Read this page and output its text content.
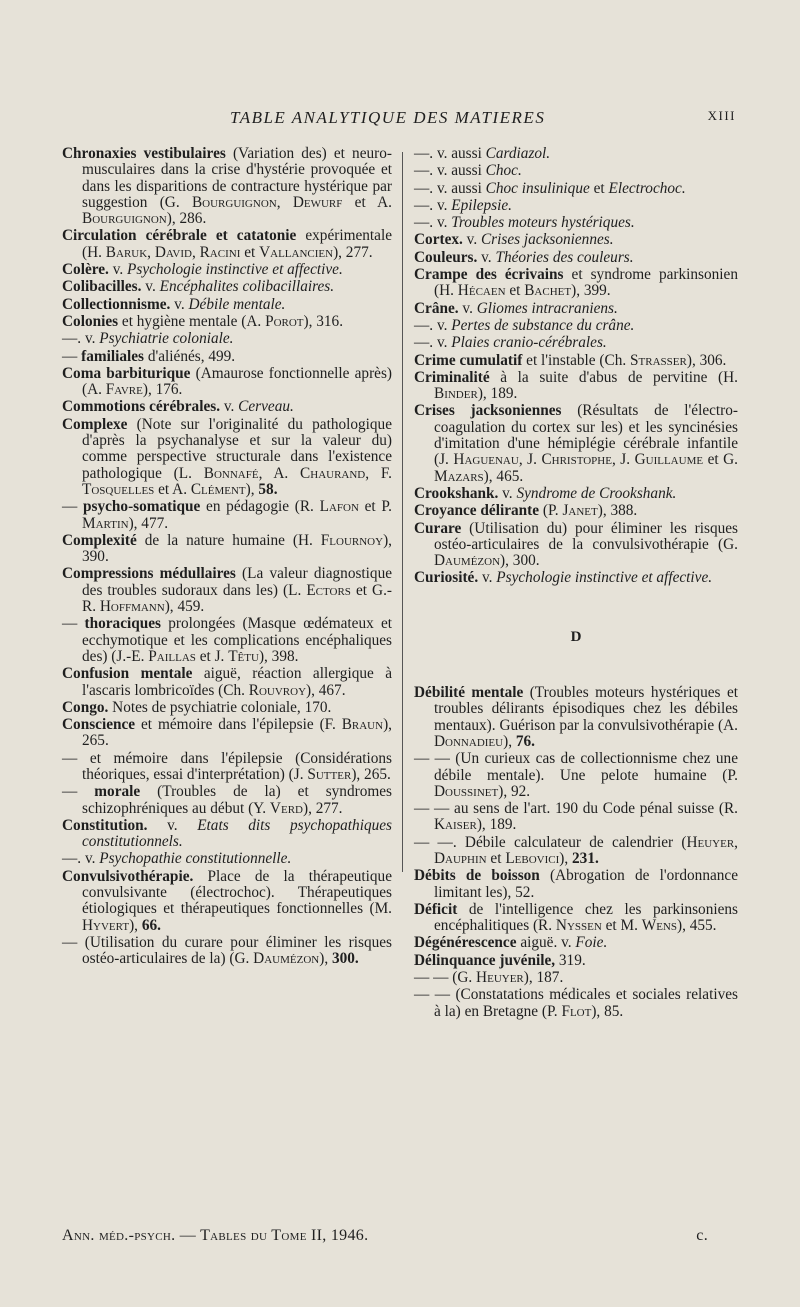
TABLE ANALYTIQUE DES MATIERES	XIII
Chronaxies vestibulaires (Variation des) et neuro-musculaires dans la crise d'hystérie provoquée et dans les disparitions de contracture hystérique par suggestion (G. Bourguignon, Dewurf et A. Bourguignon), 286.
Circulation cérébrale et catatonie expérimentale (H. Baruk, David, Racini et Vallancien), 277.
Colère. v. Psychologie instinctive et affective.
Colibacilles. v. Encéphalites colibacillaires.
Collectionnisme. v. Débile mentale.
Colonies et hygiène mentale (A. Porot), 316.
—. v. Psychiatrie coloniale.
— familiales d'aliénés, 499.
Coma barbiturique (Amaurose fonctionnelle après) (A. Favre), 176.
Commotions cérébrales. v. Cerveau.
Complexe (Note sur l'originalité du pathologique d'après la psychanalyse et sur la valeur du) comme perspective structurale dans l'existence pathologique (L. Bonnafé, A. Chaurand, F. Tosquelles et A. Clément), 58.
— psycho-somatique en pédagogie (R. Lafon et P. Martin), 477.
Complexité de la nature humaine (H. Flournoy), 390.
Compressions médullaires (La valeur diagnostique des troubles sudoraux dans les) (L. Ectors et G.-R. Hoffmann), 459.
— thoraciques prolongées (Masque œdémateux et ecchymotique et les complications encéphaliques des) (J.-E. Paillas et J. Têtu), 398.
Confusion mentale aiguë, réaction allergique à l'ascaris lombricoïdes (Ch. Rouvroy), 467.
Congo. Notes de psychiatrie coloniale, 170.
Conscience et mémoire dans l'épilepsie (F. Braun), 265.
— et mémoire dans l'épilepsie (Considérations théoriques, essai d'interprétation) (J. Sutter), 265.
— morale (Troubles de la) et syndromes schizophréniques au début (Y. Verd), 277.
Constitution. v. Etats dits psychopathiques constitutionnels.
—. v. Psychopathie constitutionnelle.
Convulsivothérapie. Place de la thérapeutique convulsivante (électrochoc). Thérapeutiques étiologiques et thérapeutiques fonctionnelles (M. Hyvert), 66.
— (Utilisation du curare pour éliminer les risques ostéo-articulaires de la) (G. Daumézon), 300.
—. v. aussi Cardiazol.
—. v. aussi Choc.
—. v. aussi Choc insulinique et Electrochoc.
—. v. Epilepsie.
—. v. Troubles moteurs hystériques.
Cortex. v. Crises jacksoniennes.
Couleurs. v. Théories des couleurs.
Crampe des écrivains et syndrome parkinsonien (H. Hécaen et Bachet), 399.
Crâne. v. Gliomes intracraniens.
—. v. Pertes de substance du crâne.
—. v. Plaies cranio-cérébrales.
Crime cumulatif et l'instable (Ch. Strasser), 306.
Criminalité à la suite d'abus de pervitine (H. Binder), 189.
Crises jacksoniennes (Résultats de l'électro-coagulation du cortex sur les) et les syncinésies d'imitation d'une hémiplégie cérébrale infantile (J. Haguenau, J. Christophe, J. Guillaume et G. Mazars), 465.
Crookshank. v. Syndrome de Crookshank.
Croyance délirante (P. Janet), 388.
Curare (Utilisation du) pour éliminer les risques ostéo-articulaires de la convulsivothérapie (G. Daumézon), 300.
Curiosité. v. Psychologie instinctive et affective.
D
Débilité mentale (Troubles moteurs hystériques et troubles délirants épisodiques chez les débiles mentaux). Guérison par la convulsivothérapie (A. Donnadieu), 76.
— — (Un curieux cas de collectionnisme chez une débile mentale). Une pelote humaine (P. Doussinet), 92.
— — au sens de l'art. 190 du Code pénal suisse (R. Kaiser), 189.
— —. Débile calculateur de calendrier (Heuyer, Dauphin et Lebovici), 231.
Débits de boisson (Abrogation de l'ordonnance limitant les), 52.
Déficit de l'intelligence chez les parkinsoniens encéphalitiques (R. Nyssen et M. Wens), 455.
Dégénérescence aiguë. v. Foie.
Délinquance juvénile, 319.
— — (G. Heuyer), 187.
— — (Constatations médicales et sociales relatives à la) en Bretagne (P. Flot), 85.
Ann. méd.-psych. — Tables du Tome II, 1946.	c.
